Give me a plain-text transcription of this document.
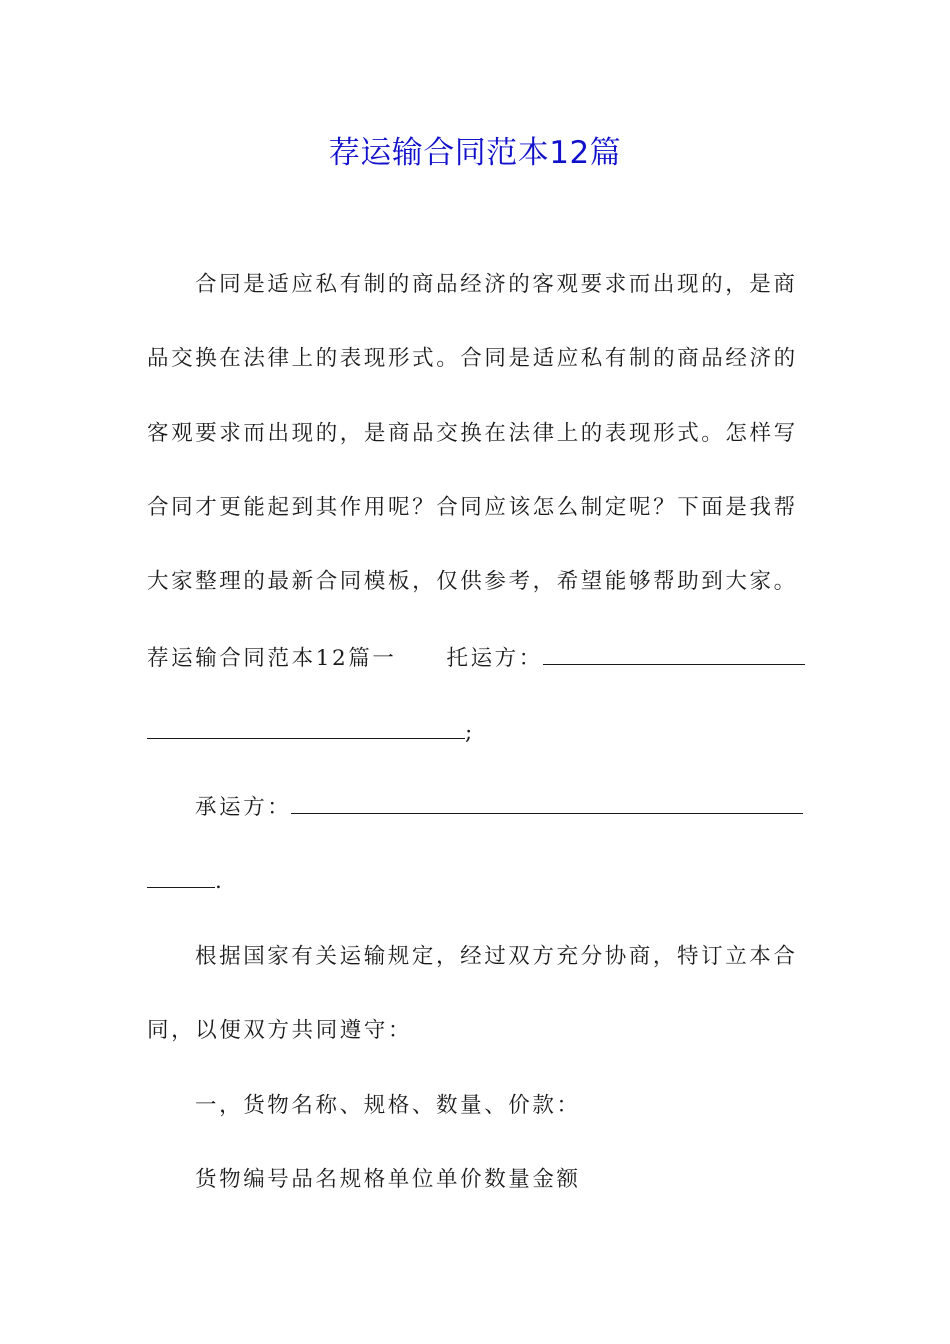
荐运输合同范本12篇
合同是适应私有制的商品经济的客观要求而出现的，是商
品交换在法律上的表现形式。合同是适应私有制的商品经济的
客观要求而出现的，是商品交换在法律上的表现形式。怎样写
合同才更能起到其作用呢？合同应该怎么制定呢？下面是我帮
大家整理的最新合同模板，仅供参考，希望能够帮助到大家。
荐运输合同范本12篇一 托运方：
;
承运方：
.
根据国家有关运输规定，经过双方充分协商，特订立本合
同，以便双方共同遵守：
一，货物名称、规格、数量、价款：
货物编号品名规格单位单价数量金额
